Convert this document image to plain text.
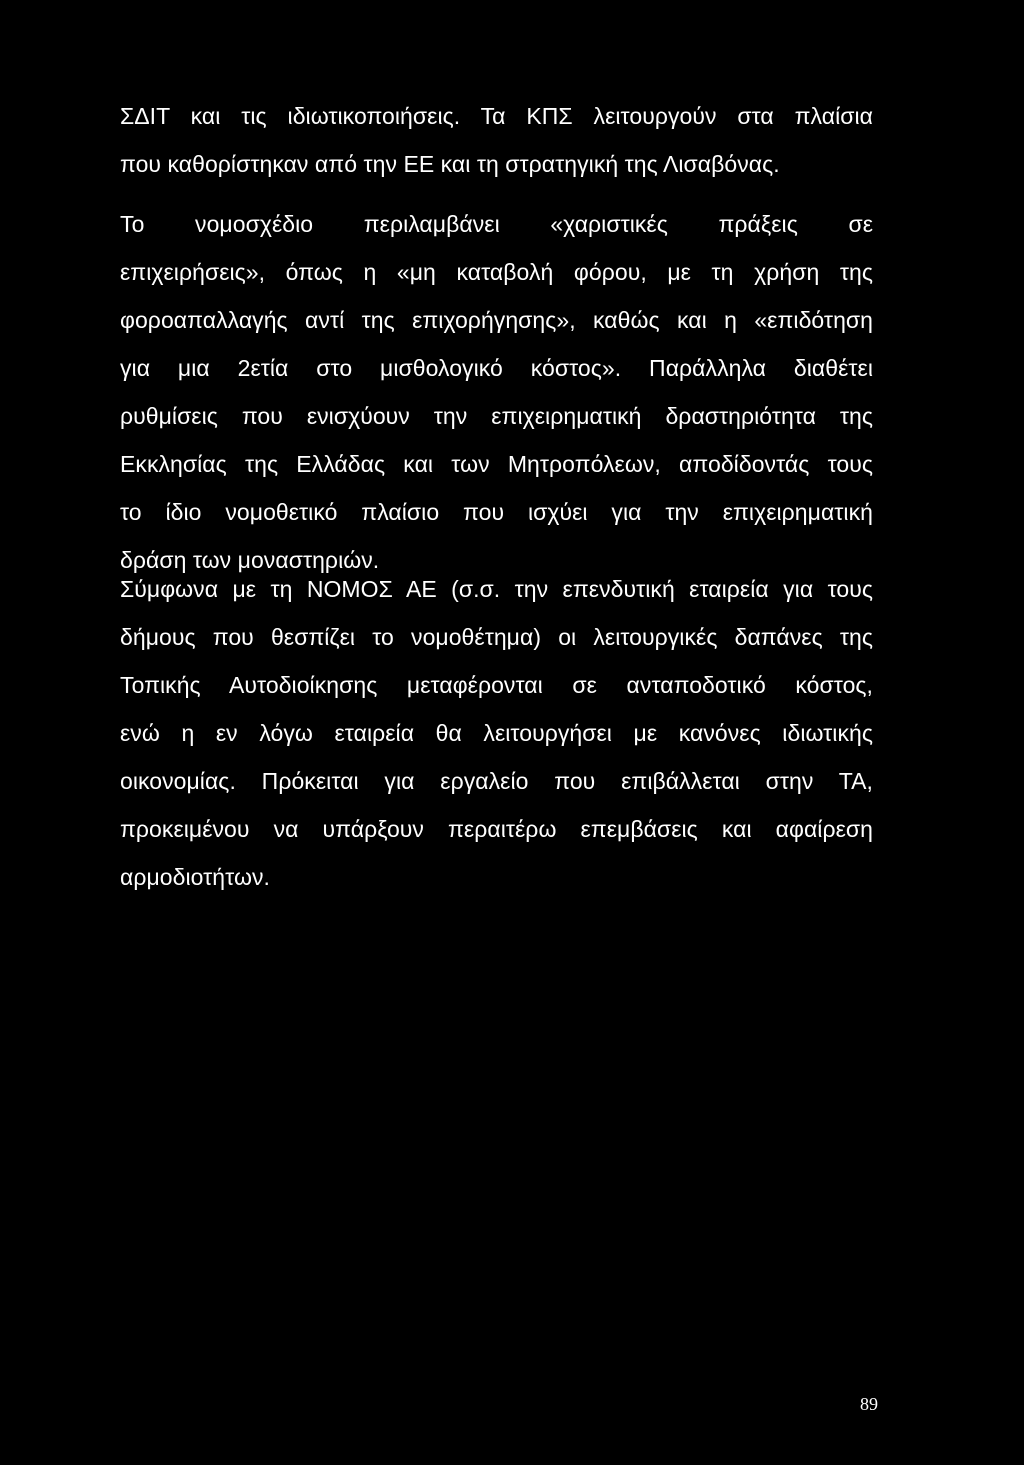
ΣΔΙΤ και τις ιδιωτικοποιήσεις. Τα ΚΠΣ λειτουργούν στα πλαίσια
που καθορίστηκαν από την ΕΕ και τη στρατηγική της Λισαβόνας.
Το νομοσχέδιο περιλαμβάνει «χαριστικές πράξεις σε
επιχειρήσεις», όπως η «μη καταβολή φόρου, με τη χρήση της
φοροαπαλλαγής αντί της επιχορήγησης», καθώς και η «επιδότηση
για μια 2ετία στο μισθολογικό κόστος». Παράλληλα διαθέτει
ρυθμίσεις που ενισχύουν την επιχειρηματική δραστηριότητα της
Εκκλησίας της Ελλάδας και των Μητροπόλεων, αποδίδοντάς τους
το ίδιο νομοθετικό πλαίσιο που ισχύει για την επιχειρηματική
δράση των μοναστηριών.
Σύμφωνα με τη ΝΟΜΟΣ ΑΕ (σ.σ. την επενδυτική εταιρεία για τους
δήμους που θεσπίζει το νομοθέτημα) οι λειτουργικές δαπάνες της
Τοπικής Αυτοδιοίκησης μεταφέρονται σε ανταποδοτικό κόστος,
ενώ η εν λόγω εταιρεία θα λειτουργήσει με κανόνες ιδιωτικής
οικονομίας. Πρόκειται για εργαλείο που επιβάλλεται στην ΤΑ,
προκειμένου να υπάρξουν περαιτέρω επεμβάσεις και αφαίρεση
αρμοδιοτήτων.
89
